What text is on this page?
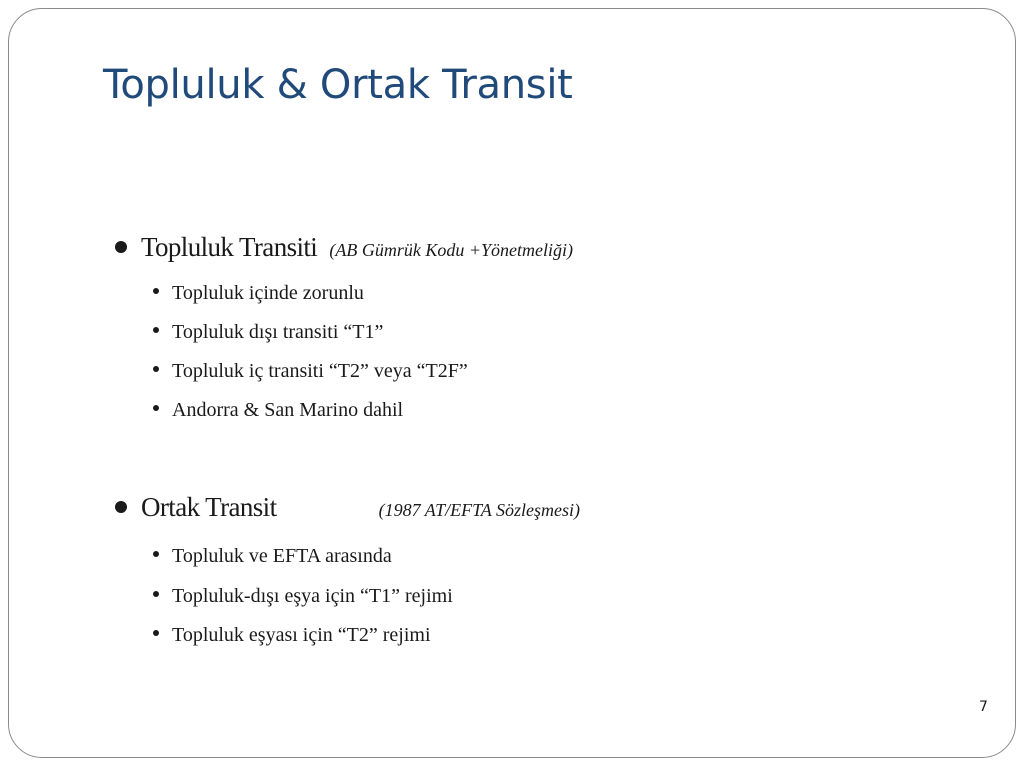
Topluluk & Ortak Transit
Topluluk Transiti (AB Gümrük Kodu +Yönetmeliği)
Topluluk içinde zorunlu
Topluluk dışı transiti “T1”
Topluluk iç transiti “T2” veya “T2F”
Andorra & San Marino dahil
Ortak Transit	(1987 AT/EFTA Sözleşmesi)
Topluluk ve EFTA arasında
Topluluk-dışı eşya için “T1” rejimi
Topluluk eşyası için “T2” rejimi
7
